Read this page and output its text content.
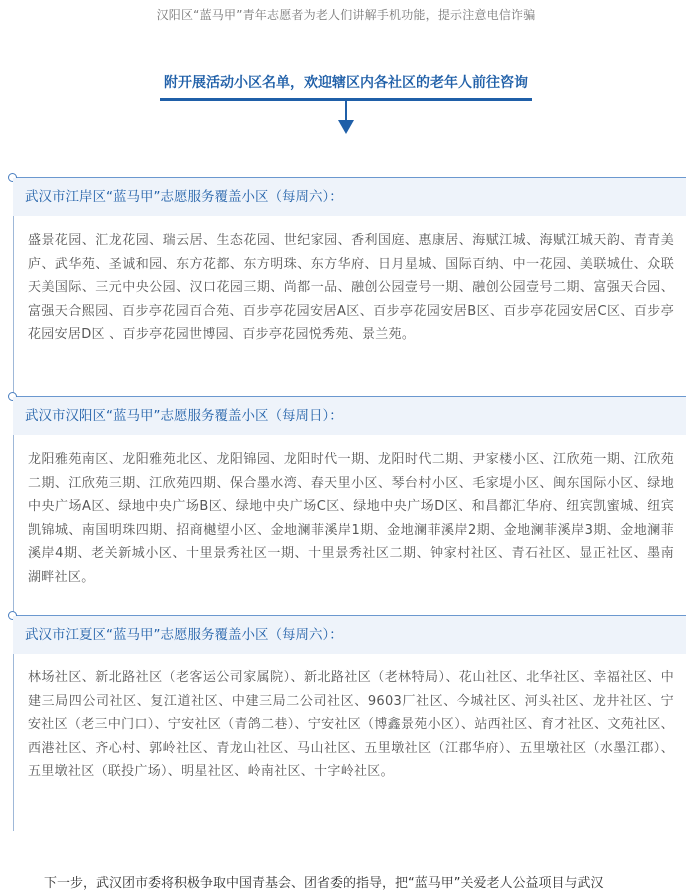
汉阳区“蓝马甲”青年志愿者为老人们讲解手机功能，提示注意电信诈骗
附开展活动小区名单，欢迎辖区内各社区的老年人前往咨询
武汉市江岸区“蓝马甲”志愿服务覆盖小区（每周六）：
盛景花园、汇龙花园、瑞云居、生态花园、世纪家园、香利国庭、惠康居、海赋江城、海赋江城天韵、青青美庐、武华苑、圣诚和园、东方花都、东方明珠、东方华府、日月星城、国际百纳、中一花园、美联城仕、众联天美国际、三元中央公园、汉口花园三期、尚都一品、融创公园壹号一期、融创公园壹号二期、富强天合园、富强天合熙园、百步亭花园百合苑、百步亭花园安居A区、百步亭花园安居B区、百步亭花园安居C区、百步亭花园安居D区 、百步亭花园世博园、百步亭花园悦秀苑、景兰苑。
武汉市汉阳区“蓝马甲”志愿服务覆盖小区（每周日）：
龙阳雅苑南区、龙阳雅苑北区、龙阳锦园、龙阳时代一期、龙阳时代二期、尹家楼小区、江欣苑一期、江欣苑二期、江欣苑三期、江欣苑四期、保合墨水湾、春天里小区、琴台村小区、毛家堤小区、闽东国际小区、绿地中央广场A区、绿地中央广场B区、绿地中央广场C区、绿地中央广场D区、和昌都汇华府、纽宾凯蜜城、纽宾凯锦城、南国明珠四期、招商樾望小区、金地澜菲溪岸1期、金地澜菲溪岸2期、金地澜菲溪岸3期、金地澜菲溪岸4期、老关新城小区、十里景秀社区一期、十里景秀社区二期、钟家村社区、青石社区、显正社区、墨南湖畔社区。
武汉市江夏区“蓝马甲”志愿服务覆盖小区（每周六）：
林场社区、新北路社区（老客运公司家属院）、新北路社区（老林特局）、花山社区、北华社区、幸福社区、中建三局四公司社区、复江道社区、中建三局二公司社区、9603厂社区、今城社区、河头社区、龙井社区、宁安社区（老三中门口）、宁安社区（青鸽二巷）、宁安社区（博鑫景苑小区）、站西社区、育才社区、文苑社区、西港社区、齐心村、郭岭社区、青龙山社区、马山社区、五里墩社区（江郡华府）、五里墩社区（水墨江郡）、五里墩社区（联投广场）、明星社区、岭南社区、十字岭社区。
下一步，武汉团市委将积极争取中国青基会、团省委的指导，把“蓝马甲”关爱老人公益项目与武汉
